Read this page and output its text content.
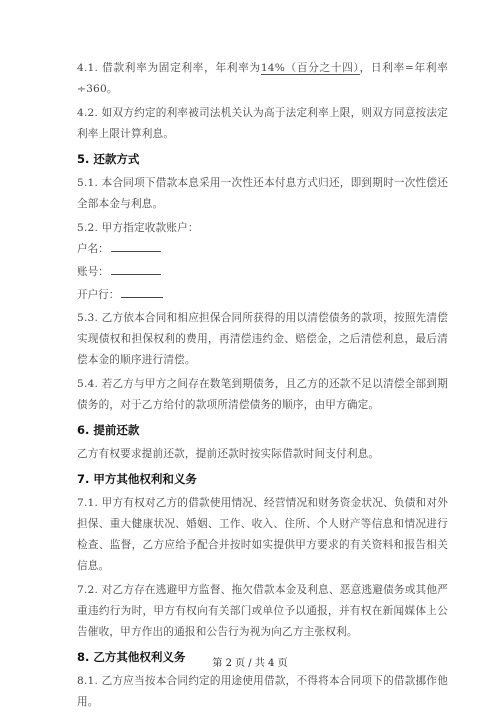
4.1. 借款利率为固定利率，年利率为14%（百分之十四），日利率=年利率÷360。

4.2. 如双方约定的利率被司法机关认为高于法定利率上限，则双方同意按法定利率上限计算利息。

5. 还款方式

5.1. 本合同项下借款本息采用一次性还本付息方式归还，即到期时一次性偿还全部本金与利息。

5.2. 甲方指定收款账户：

户名：
账号：
开户行：

5.3. 乙方依本合同和相应担保合同所获得的用以清偿债务的款项，按照先清偿实现债权和担保权利的费用，再清偿违约金、赔偿金，之后清偿利息，最后清偿本金的顺序进行清偿。

5.4. 若乙方与甲方之间存在数笔到期债务，且乙方的还款不足以清偿全部到期债务的，对于乙方给付的款项所清偿债务的顺序，由甲方确定。

6. 提前还款

乙方有权要求提前还款，提前还款时按实际借款时间支付利息。

7. 甲方其他权利和义务

7.1. 甲方有权对乙方的借款使用情况、经营情况和财务资金状况、负债和对外担保、重大健康状况、婚姻、工作、收入、住所、个人财产等信息和情况进行检查、监督，乙方应给予配合并按时如实提供甲方要求的有关资料和报告相关信息。

7.2. 对乙方存在逃避甲方监督、拖欠借款本金及利息、恶意逃避债务或其他严重违约行为时，甲方有权向有关部门或单位予以通报，并有权在新闻媒体上公告催收，甲方作出的通报和公告行为视为向乙方主张权利。

8. 乙方其他权利义务

8.1. 乙方应当按本合同约定的用途使用借款，不得将本合同项下的借款挪作他用。

第 2 页 / 共 4 页
